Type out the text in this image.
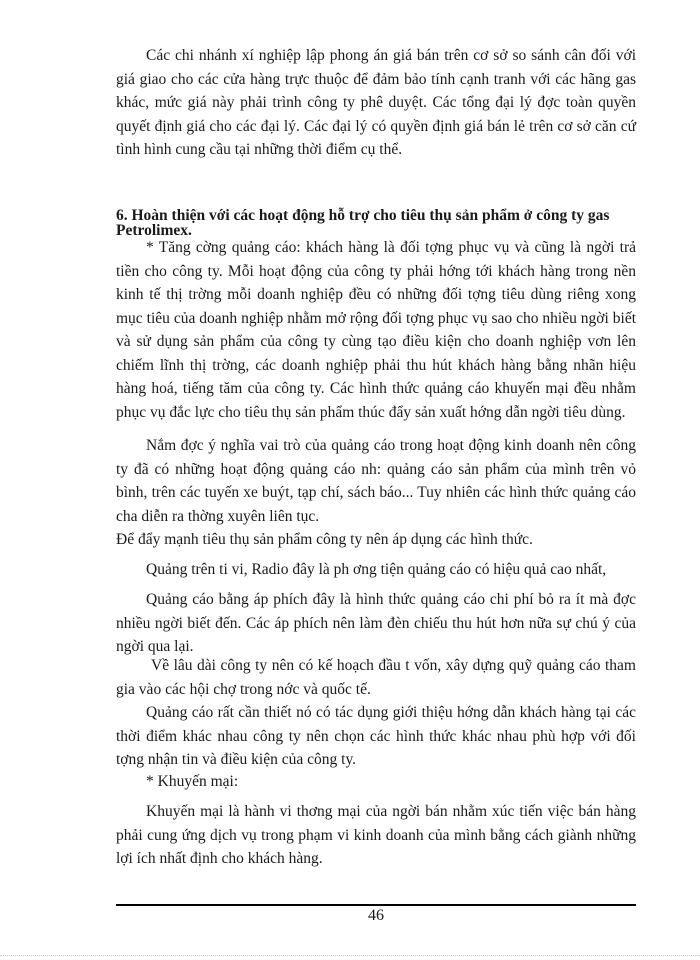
Các chi nhánh xí nghiệp lập phong án giá bán trên cơ sở so sánh cân đối với giá giao cho các cửa hàng trực thuộc để đảm bảo tính cạnh tranh với các hãng gas khác, mức giá này phải trình công ty phê duyệt. Các tổng đại lý đợc toàn quyền quyết định giá cho các đại lý. Các đại lý có quyền định giá bán lẻ trên cơ sở căn cứ tình hình cung cầu tại những thời điểm cụ thể.

6. Hoàn thiện với các hoạt động hỗ trợ cho tiêu thụ sản phẩm ở công ty gas Petrolimex.

* Tăng cờng quảng cáo: khách hàng là đối tợng phục vụ và cũng là ngời trả tiền cho công ty. Mỗi hoạt động của công ty phải hớng tới khách hàng trong nền kinh tế thị trờng mỗi doanh nghiệp đều có những đối tợng tiêu dùng riêng xong mục tiêu của doanh nghiệp nhằm mở rộng đối tợng phục vụ sao cho nhiều ngời biết và sử dụng sản phẩm của công ty cùng tạo điều kiện cho doanh nghiệp vơn lên chiếm lĩnh thị trờng, các doanh nghiệp phải thu hút khách hàng bằng nhãn hiệu hàng hoá, tiếng tăm của công ty. Các hình thức quảng cáo khuyến mại đều nhằm phục vụ đắc lực cho tiêu thụ sản phẩm thúc đẩy sản xuất hớng dẫn ngời tiêu dùng.

Nắm đợc ý nghĩa vai trò của quảng cáo trong hoạt động kinh doanh nên công ty đã có những hoạt động quảng cáo nh: quảng cáo sản phẩm của mình trên vỏ bình, trên các tuyến xe buýt, tạp chí, sách báo... Tuy nhiên các hình thức quảng cáo cha diễn ra thờng xuyên liên tục.

Để đẩy mạnh tiêu thụ sản phẩm công ty nên áp dụng các hình thức.

Quảng trên ti vi, Radio đây là ph ơng tiện quảng cáo có hiệu quả cao nhất,

Quảng cáo bằng áp phích đây là hình thức quảng cáo chi phí bỏ ra ít mà đợc nhiều ngời biết đến. Các áp phích nên làm đèn chiếu thu hút hơn nữa sự chú ý của ngời qua lại.

Về lâu dài công ty nên có kế hoạch đầu t vốn, xây dựng quỹ quảng cáo tham gia vào các hội chợ trong nớc và quốc tế.

Quảng cáo rất cần thiết nó có tác dụng giới thiệu hớng dẫn khách hàng tại các thời điểm khác nhau công ty nên chọn các hình thức khác nhau phù hợp với đối tợng nhận tin và điều kiện của công ty.

* Khuyến mại:

Khuyến mại là hành vi thơng mại của ngời bán nhằm xúc tiến việc bán hàng phải cung ứng dịch vụ trong phạm vi kinh doanh của mình bằng cách giành những lợi ích nhất định cho khách hàng.

46
